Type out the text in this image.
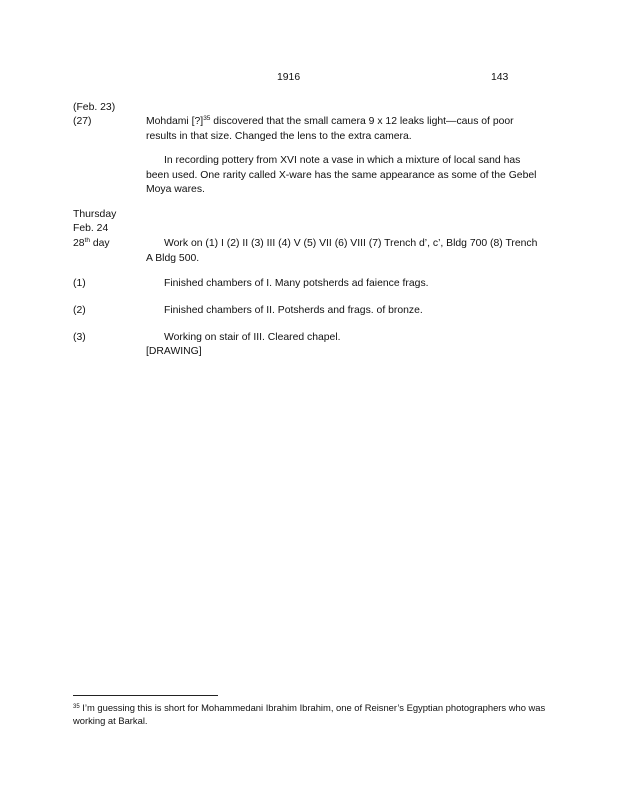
1916	143
(Feb. 23)
(27)	Mohdami [?]$^{35}$ discovered that the small camera 9 x 12 leaks light—caus of poor results in that size. Changed the lens to the extra camera.
In recording pottery from XVI note a vase in which a mixture of local sand has been used. One rarity called X-ware has the same appearance as some of the Gebel Moya wares.
Thursday
Feb. 24
28th day	Work on (1) I (2) II (3) III (4) V (5) VII (6) VIII (7) Trench d’, c’, Bldg 700 (8) Trench A Bldg 500.
(1)	Finished chambers of I. Many potsherds ad faience frags.
(2)	Finished chambers of II. Potsherds and frags. of bronze.
(3)	Working on stair of III. Cleared chapel.
[DRAWING]
$^{35}$ I’m guessing this is short for Mohammedani Ibrahim Ibrahim, one of Reisner’s Egyptian photographers who was working at Barkal.
